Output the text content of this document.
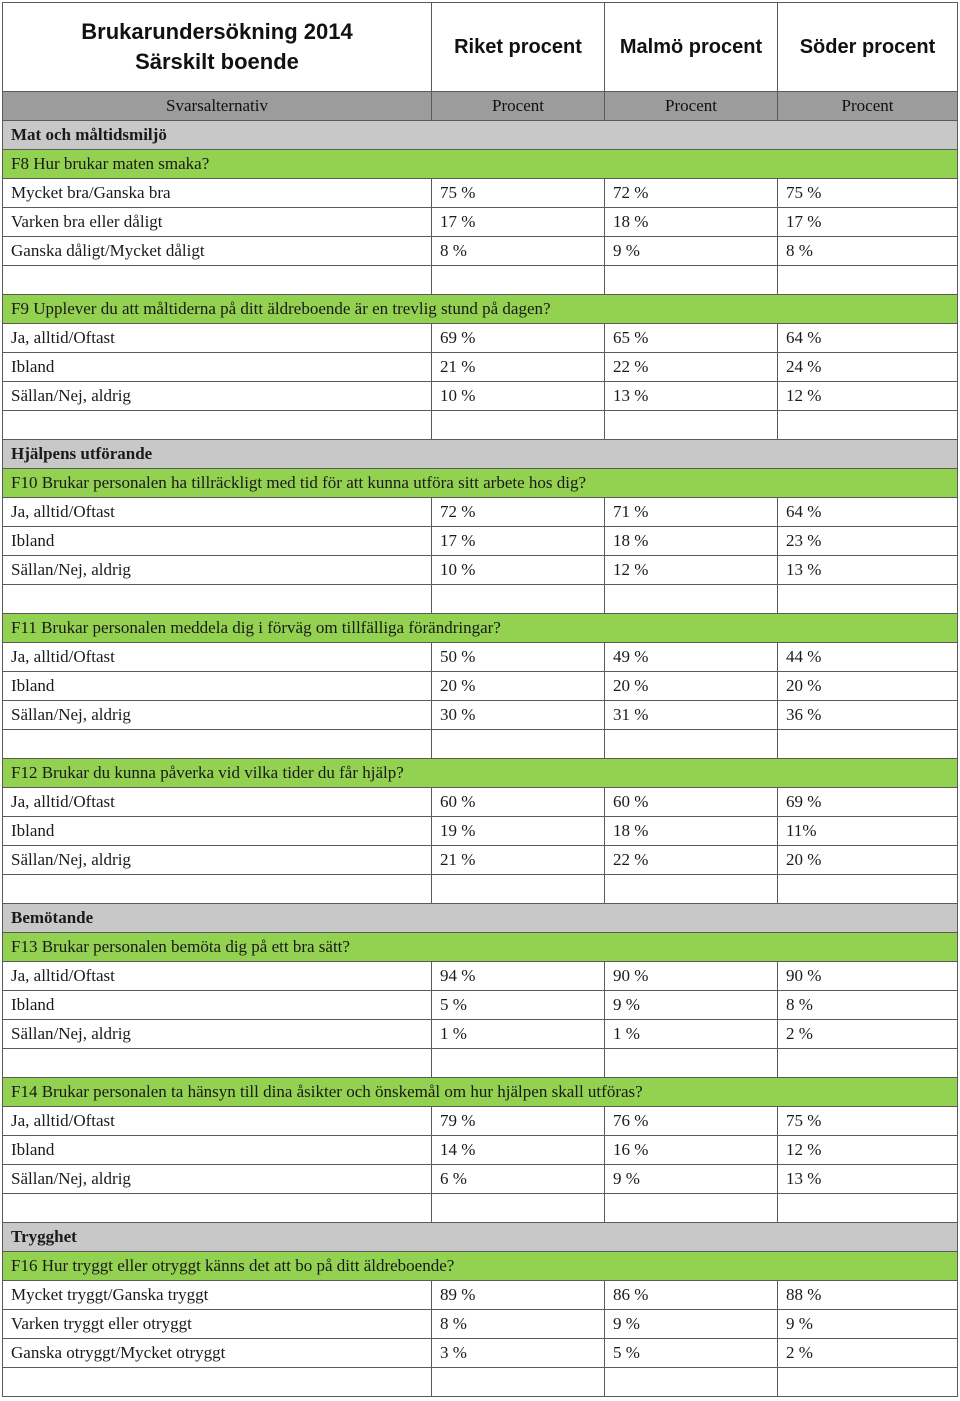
Brukarundersökning 2014
Särskilt boende	Riket procent	Malmö procent	Söder procent
Svarsalternativ	Procent	Procent	Procent
Mat och måltidsmiljö			
F8 Hur brukar maten smaka?			
Mycket bra/Ganska bra	75 %	72 %	75 %
Varken bra eller dåligt	17 %	18 %	17 %
Ganska dåligt/Mycket dåligt	8 %	9 %	8 %

F9 Upplever du att måltiderna på ditt äldreboende är en trevlig stund på dagen?			
Ja, alltid/Oftast	69 %	65 %	64 %
Ibland	21 %	22 %	24 %
Sällan/Nej, aldrig	10 %	13 %	12 %

Hjälpens utförande			
F10 Brukar personalen ha tillräckligt med tid för att kunna utföra sitt arbete hos dig?			
Ja, alltid/Oftast	72 %	71 %	64 %
Ibland	17 %	18 %	23 %
Sällan/Nej, aldrig	10 %	12 %	13 %

F11 Brukar personalen meddela dig i förväg om tillfälliga förändringar?			
Ja, alltid/Oftast	50 %	49 %	44 %
Ibland	20 %	20 %	20 %
Sällan/Nej, aldrig	30 %	31 %	36 %

F12 Brukar du kunna påverka vid vilka tider du får hjälp?			
Ja, alltid/Oftast	60 %	60 %	69 %
Ibland	19 %	18 %	11%
Sällan/Nej, aldrig	21 %	22 %	20 %

Bemötande			
F13 Brukar personalen bemöta dig på ett bra sätt?			
Ja, alltid/Oftast	94 %	90 %	90 %
Ibland	5 %	9 %	8 %
Sällan/Nej, aldrig	1 %	1 %	2 %

F14 Brukar personalen ta hänsyn till dina åsikter och önskemål om hur hjälpen skall utföras?			
Ja, alltid/Oftast	79 %	76 %	75 %
Ibland	14 %	16 %	12 %
Sällan/Nej, aldrig	6 %	9 %	13 %

Trygghet			
F16 Hur tryggt eller otryggt känns det att bo på ditt äldreboende?			
Mycket tryggt/Ganska tryggt	89 %	86 %	88 %
Varken tryggt eller otryggt	8 %	9 %	9 %
Ganska otryggt/Mycket otryggt	3 %	5 %	2 %
